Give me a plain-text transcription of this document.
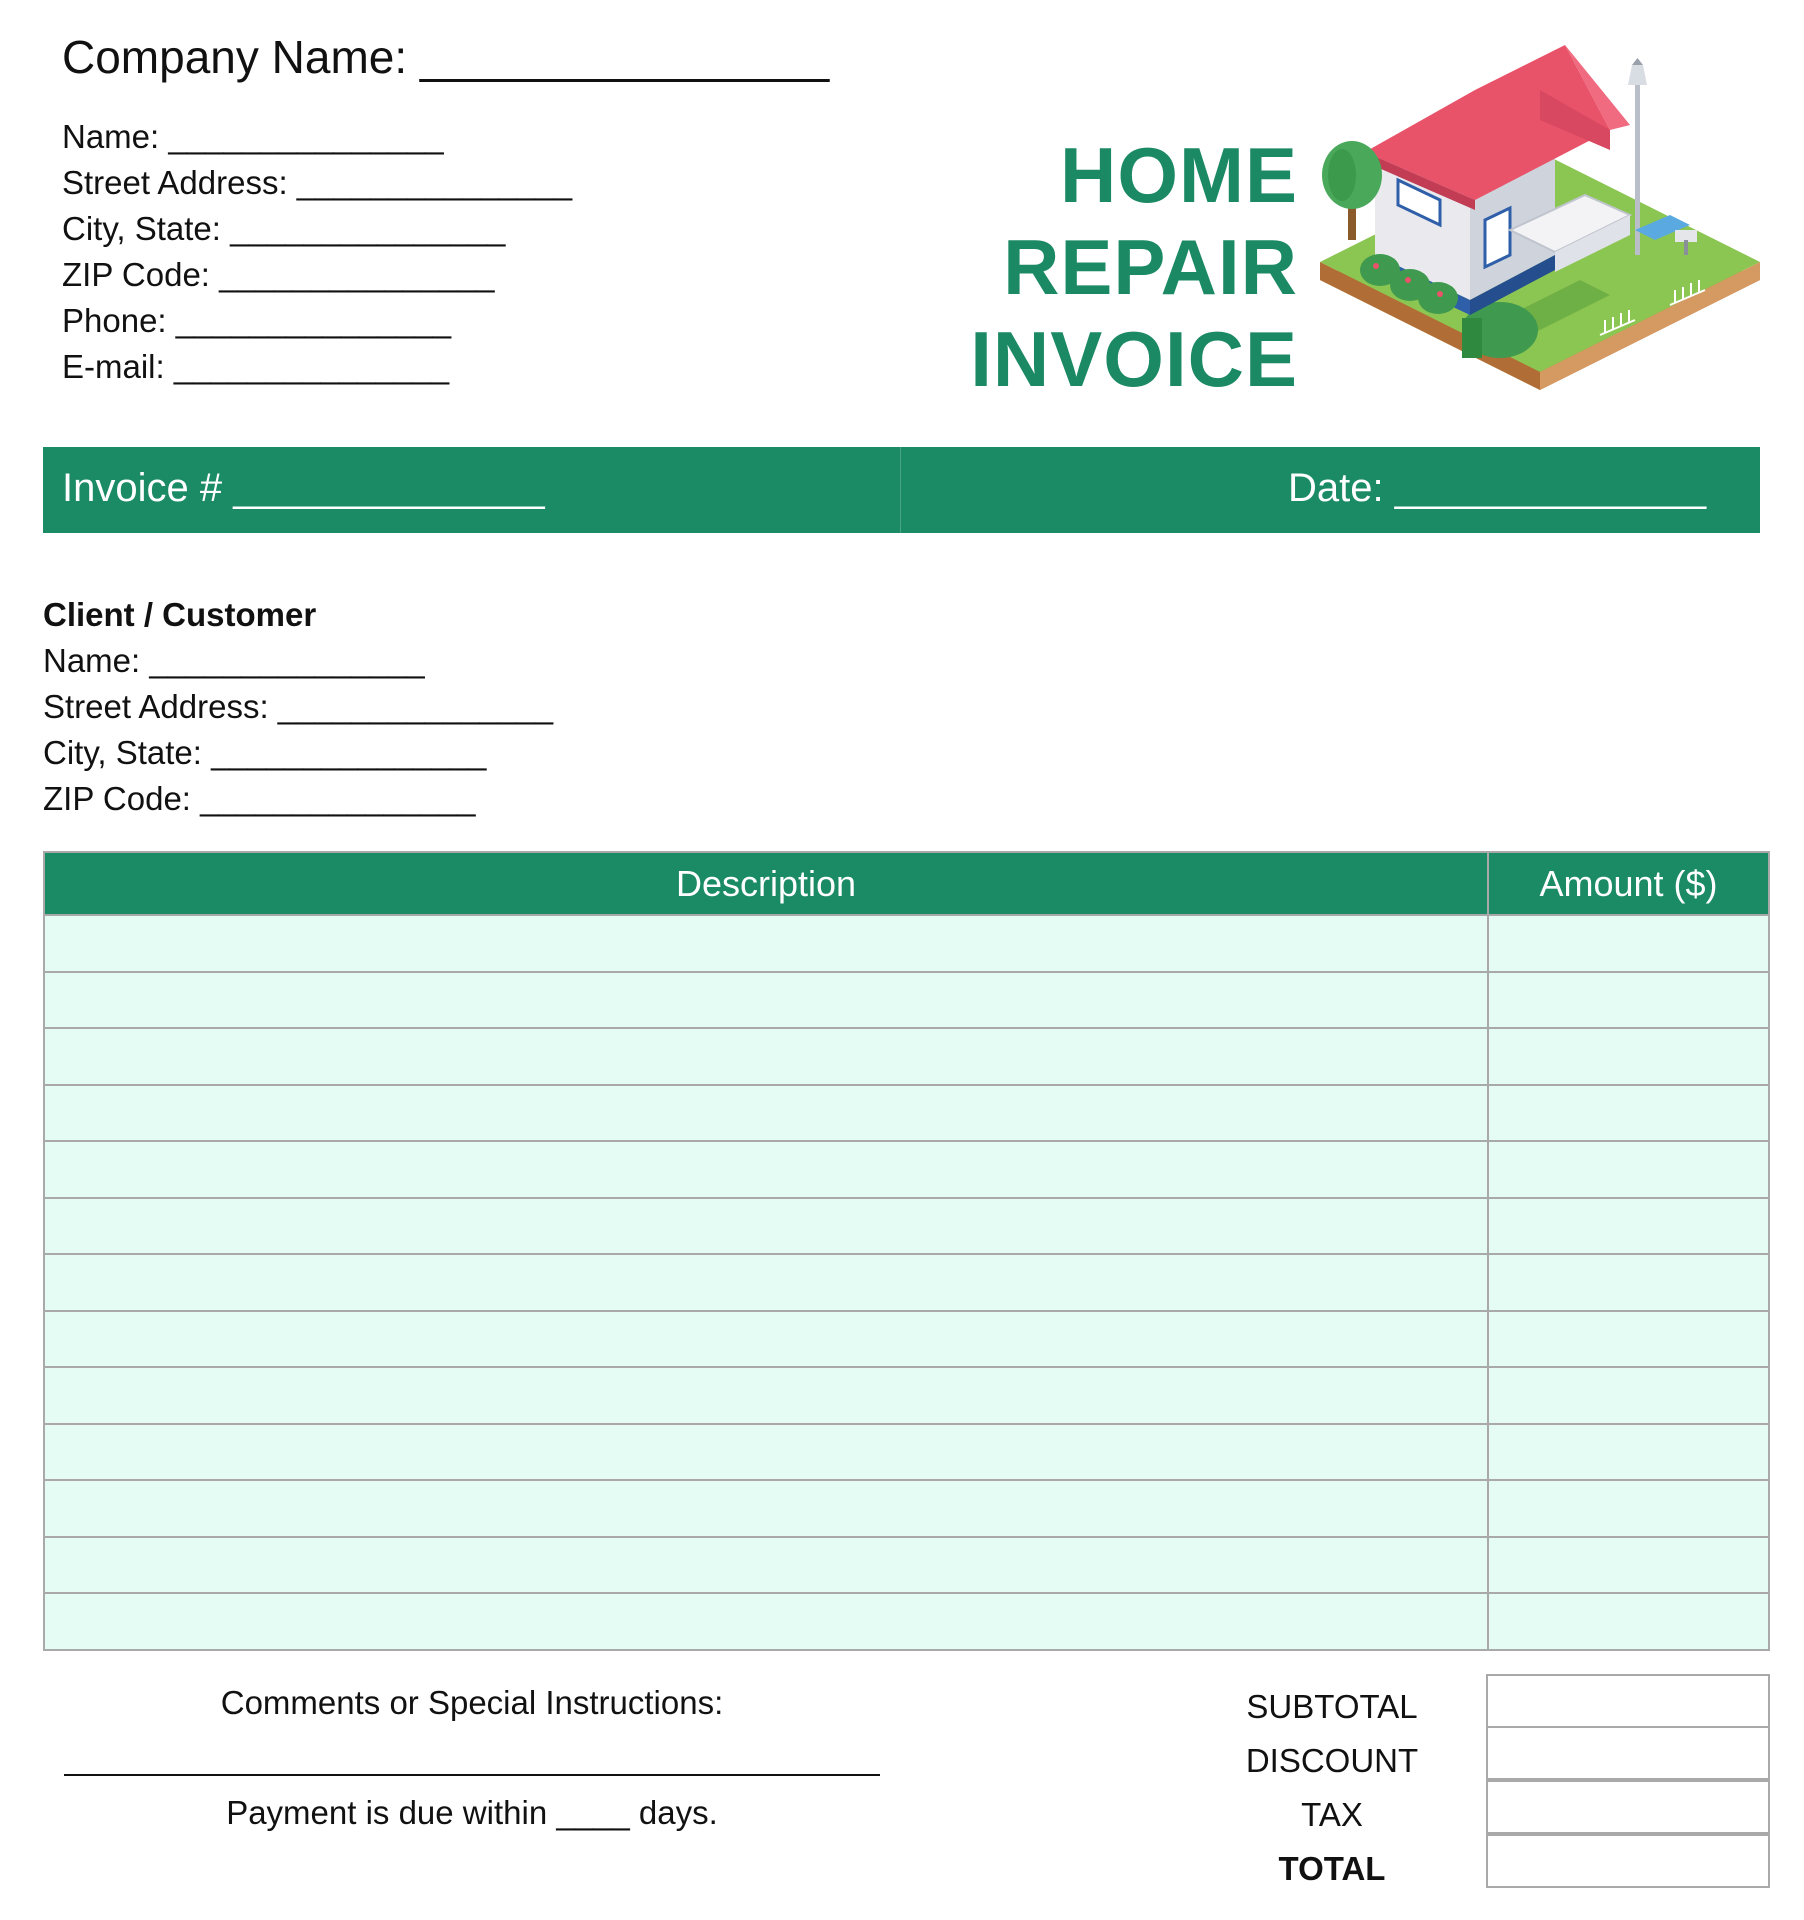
Company Name: ________________
Name: _______________
Street Address: _______________
City, State: _______________
ZIP Code: _______________
Phone: _______________
E-mail: _______________
HOME
REPAIR
INVOICE
Invoice # ______________	Date: ______________
Client / Customer
Name: _______________
Street Address: _______________
City, State: _______________
ZIP Code: _______________
Description	Amount ($)

Comments or Special Instructions:
Payment is due within ____ days.
SUBTOTAL
DISCOUNT
TAX
TOTAL
